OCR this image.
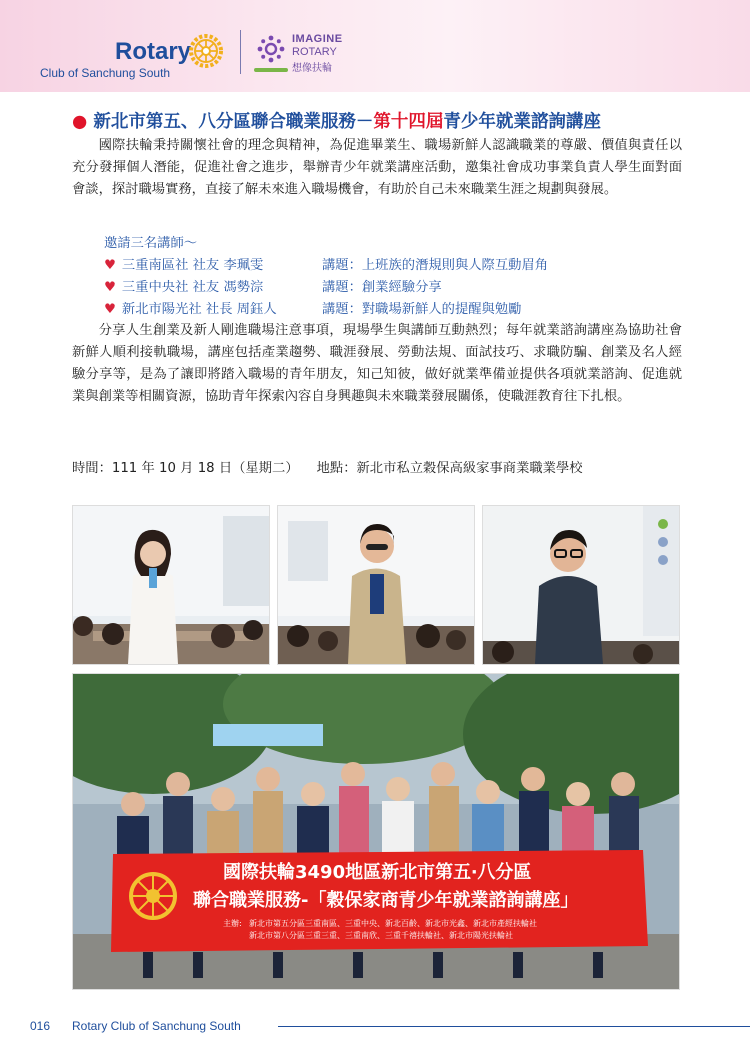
Rotary
Club of Sanchung South
IMAGINE
ROTARY
想像扶輪
● 新北市第五、八分區聯合職業服務－第十四屆青少年就業諮詢講座
國際扶輪秉持關懷社會的理念與精神，為促進畢業生、職場新鮮人認識職業的尊嚴、價值與責任以充分發揮個人潛能，促進社會之進步，舉辦青少年就業講座活動，邀集社會成功事業負責人學生面對面會談，探討職場實務，直接了解未來進入職場機會，有助於自己未來職業生涯之規劃與發展。
邀請三名講師～
♥ 三重南區社 社友 李珮雯	講題：上班族的潛規則與人際互動眉角
♥ 三重中央社 社友 馮勢淙	講題：創業經驗分享
♥ 新北市陽光社 社長 周鈺人	講題：對職場新鮮人的提醒與勉勵
分享人生創業及新人剛進職場注意事項，現場學生與講師互動熱烈；每年就業諮詢講座為協助社會新鮮人順利接軌職場，講座包括產業趨勢、職涯發展、勞動法規、面試技巧、求職防騙、創業及名人經驗分享等，是為了讓即將踏入職場的青年朋友，知己知彼，做好就業準備並提供各項就業諮詢、促進就業與創業等相關資源，協助青年探索內容自身興趣與未來職業發展關係，使職涯教育往下扎根。
時間：111 年 10 月 18 日（星期二） 地點：新北市私立穀保高級家事商業職業學校
國際扶輪3490地區新北市第五‧八分區
聯合職業服務-「穀保家商青少年就業諮詢講座」
主辦: 新北市第五分區三重南區、三重中央、新北百齡、新北市光鑫、新北市產經扶輪社
新北市第八分區三重三重、三重南欣、三重千禧扶輪社、新北市陽光扶輪社
016 Rotary Club of Sanchung South
